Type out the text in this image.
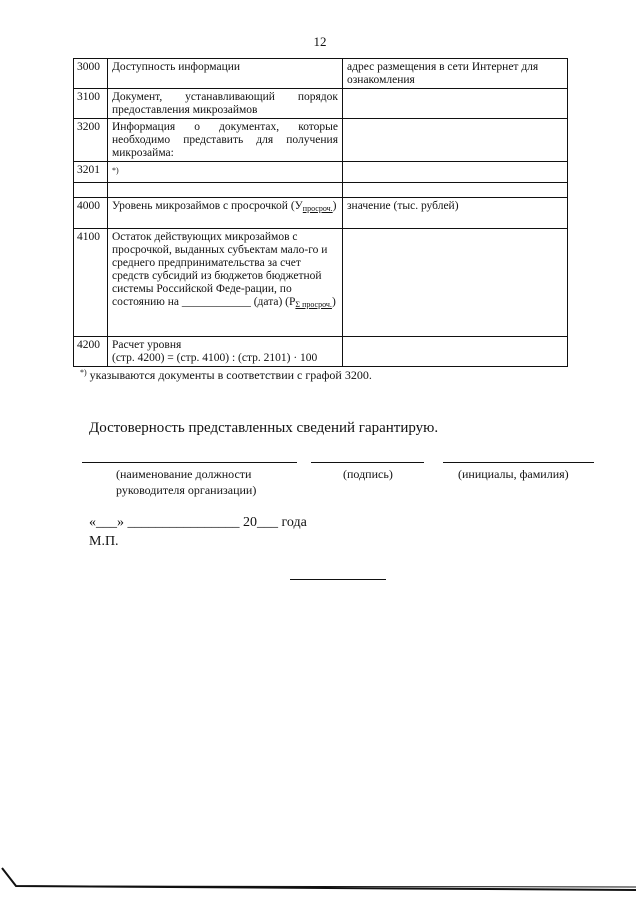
12
3000	Доступность информации	адрес размещения в сети Интернет для ознакомления
3100	Документ, устанавливающий порядок предоставления микрозаймов	
3200	Информация о документах, которые необходимо представить для получения микрозайма:	
3201	*)	

4000	Уровень микрозаймов с просрочкой $(У_{просроч.})$	значение (тыс. рублей)
4100	Остаток действующих микрозаймов с просрочкой, выданных субъектам мало-го и среднего предпринимательства за счет средств субсидий из бюджетов бюджетной системы Российской Феде-рации, по состоянию на ____________ (дата) $(Р_{\Sigma просроч.})$	
4200	Расчет уровня
(стр. 4200) = (стр. 4100) : (стр. 2101) · 100	

*) указываются документы в соответствии с графой 3200.
Достоверность представленных сведений гарантирую.
(наименование должности
руководителя организации)
(подпись)	(инициалы, фамилия)
«___» ________________ 20___ года
М.П.
